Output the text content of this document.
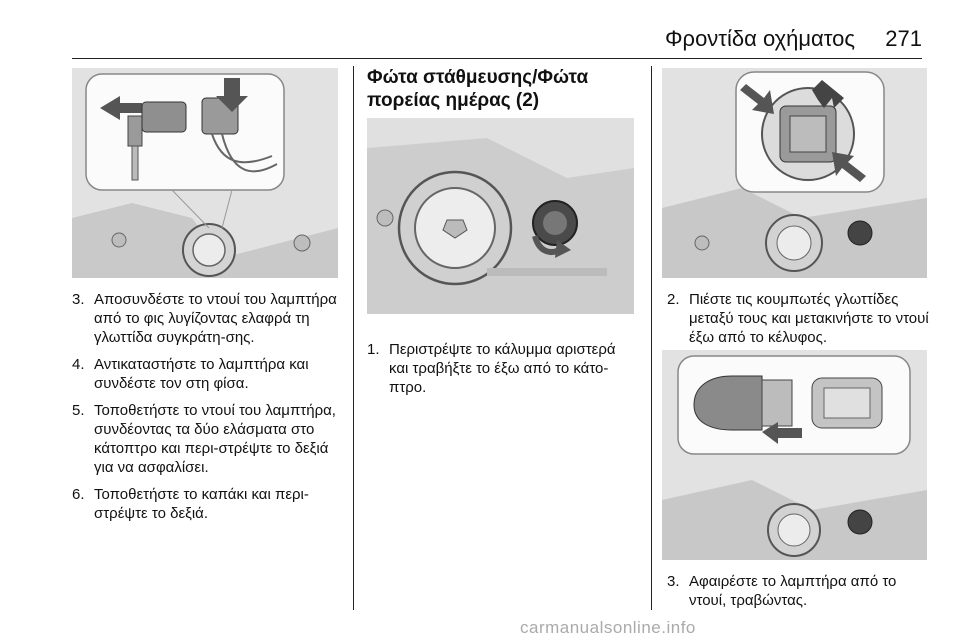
Φροντίδα οχήματος 271
3. Αποσυνδέστε το ντουί του λαμπτήρα από το φις λυγίζοντας ελαφρά τη γλωττίδα συγκράτη-σης.
4. Αντικαταστήστε το λαμπτήρα και συνδέστε τον στη φίσα.
5. Τοποθετήστε το ντουί του λαμπτήρα, συνδέοντας τα δύο ελάσματα στο κάτοπτρο και περι-στρέψτε το δεξιά για να ασφαλίσει.
6. Τοποθετήστε το καπάκι και περι-στρέψτε το δεξιά.
Φώτα στάθμευσης/Φώτα πορείας ημέρας (2)
1. Περιστρέψτε το κάλυμμα αριστερά και τραβήξτε το έξω από το κάτο-πτρο.
2. Πιέστε τις κουμπωτές γλωττίδες μεταξύ τους και μετακινήστε το ντουί έξω από το κέλυφος.
3. Αφαιρέστε το λαμπτήρα από το ντουί, τραβώντας.
carmanualsonline.info
